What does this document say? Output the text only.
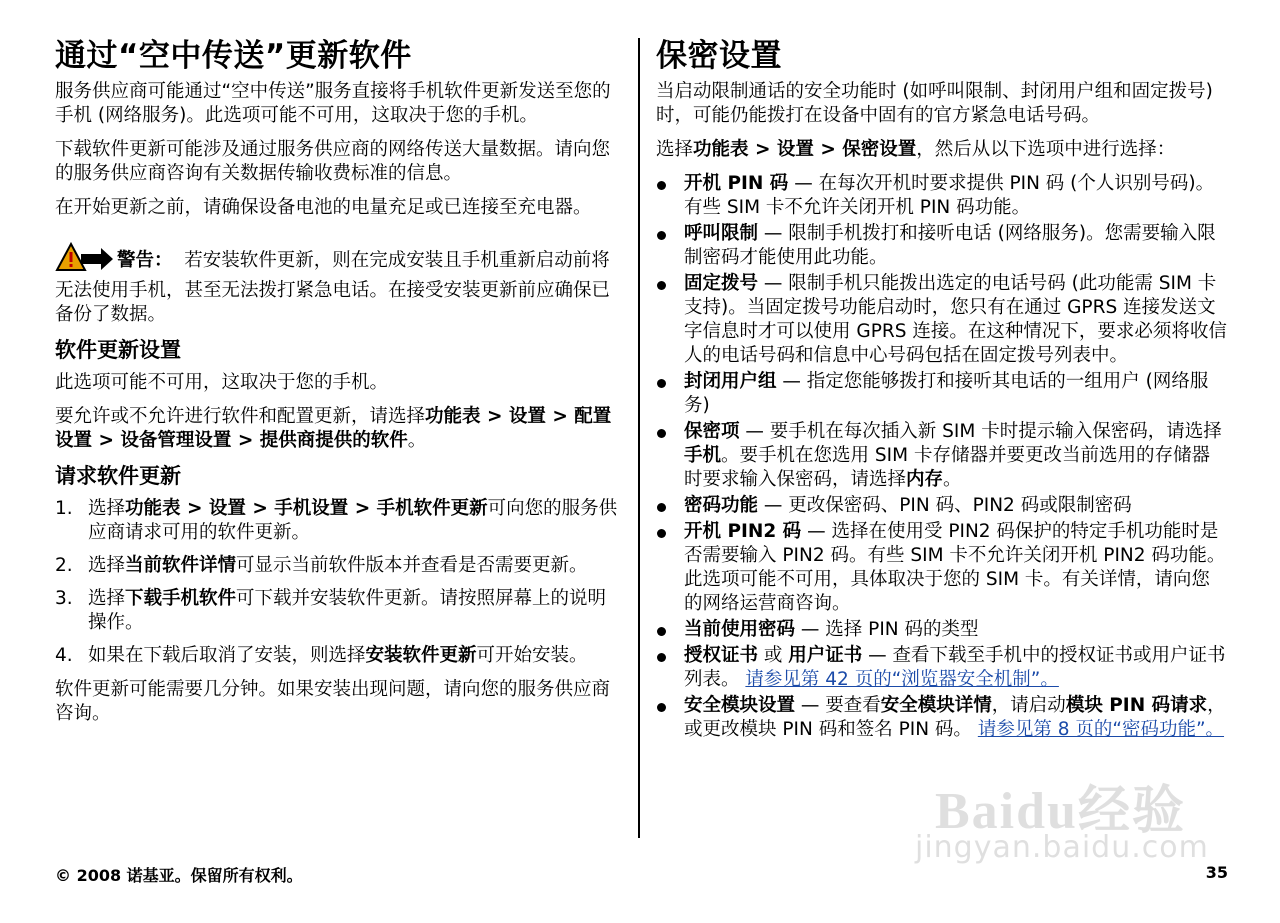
通过“空中传送”更新软件

服务供应商可能通过“空中传送”服务直接将手机软件更新发送至您的手机 (网络服务)。此选项可能不可用，这取决于您的手机。

下载软件更新可能涉及通过服务供应商的网络传送大量数据。请向您的服务供应商咨询有关数据传输收费标准的信息。

在开始更新之前，请确保设备电池的电量充足或已连接至充电器。

警告： 若安装软件更新，则在完成安装且手机重新启动前将无法使用手机，甚至无法拨打紧急电话。在接受安装更新前应确保已备份了数据。

软件更新设置

此选项可能不可用，这取决于您的手机。

要允许或不允许进行软件和配置更新，请选择功能表 > 设置 > 配置设置 > 设备管理设置 > 提供商提供的软件。

请求软件更新
1. 选择功能表 > 设置 > 手机设置 > 手机软件更新可向您的服务供应商请求可用的软件更新。
2. 选择当前软件详情可显示当前软件版本并查看是否需要更新。
3. 选择下载手机软件可下载并安装软件更新。请按照屏幕上的说明操作。
4. 如果在下载后取消了安装，则选择安装软件更新可开始安装。

软件更新可能需要几分钟。如果安装出现问题，请向您的服务供应商咨询。

保密设置

当启动限制通话的安全功能时 (如呼叫限制、封闭用户组和固定拨号) 时，可能仍能拨打在设备中固有的官方紧急电话号码。

选择功能表 > 设置 > 保密设置，然后从以下选项中进行选择：

开机 PIN 码 — 在每次开机时要求提供 PIN 码 (个人识别号码)。有些 SIM 卡不允许关闭开机 PIN 码功能。
呼叫限制 — 限制手机拨打和接听电话 (网络服务)。您需要输入限制密码才能使用此功能。
固定拨号 — 限制手机只能拨出选定的电话号码 (此功能需 SIM 卡支持)。当固定拨号功能启动时，您只有在通过 GPRS 连接发送文字信息时才可以使用 GPRS 连接。在这种情况下，要求必须将收信人的电话号码和信息中心号码包括在固定拨号列表中。
封闭用户组 — 指定您能够拨打和接听其电话的一组用户 (网络服务)
保密项 — 要手机在每次插入新 SIM 卡时提示输入保密码，请选择手机。要手机在您选用 SIM 卡存储器并要更改当前选用的存储器时要求输入保密码，请选择内存。
密码功能 — 更改保密码、PIN 码、PIN2 码或限制密码
开机 PIN2 码 — 选择在使用受 PIN2 码保护的特定手机功能时是否需要输入 PIN2 码。有些 SIM 卡不允许关闭开机 PIN2 码功能。此选项可能不可用，具体取决于您的 SIM 卡。有关详情，请向您的网络运营商咨询。
当前使用密码 — 选择 PIN 码的类型
授权证书 或 用户证书 — 查看下载至手机中的授权证书或用户证书列表。 请参见第 42 页的“浏览器安全机制”。
安全模块设置 — 要查看安全模块详情，请启动模块 PIN 码请求，或更改模块 PIN 码和签名 PIN 码。 请参见第 8 页的“密码功能”。
Baidu经验
jingyan.baidu.com
© 2008 诺基亚。保留所有权利。	35
